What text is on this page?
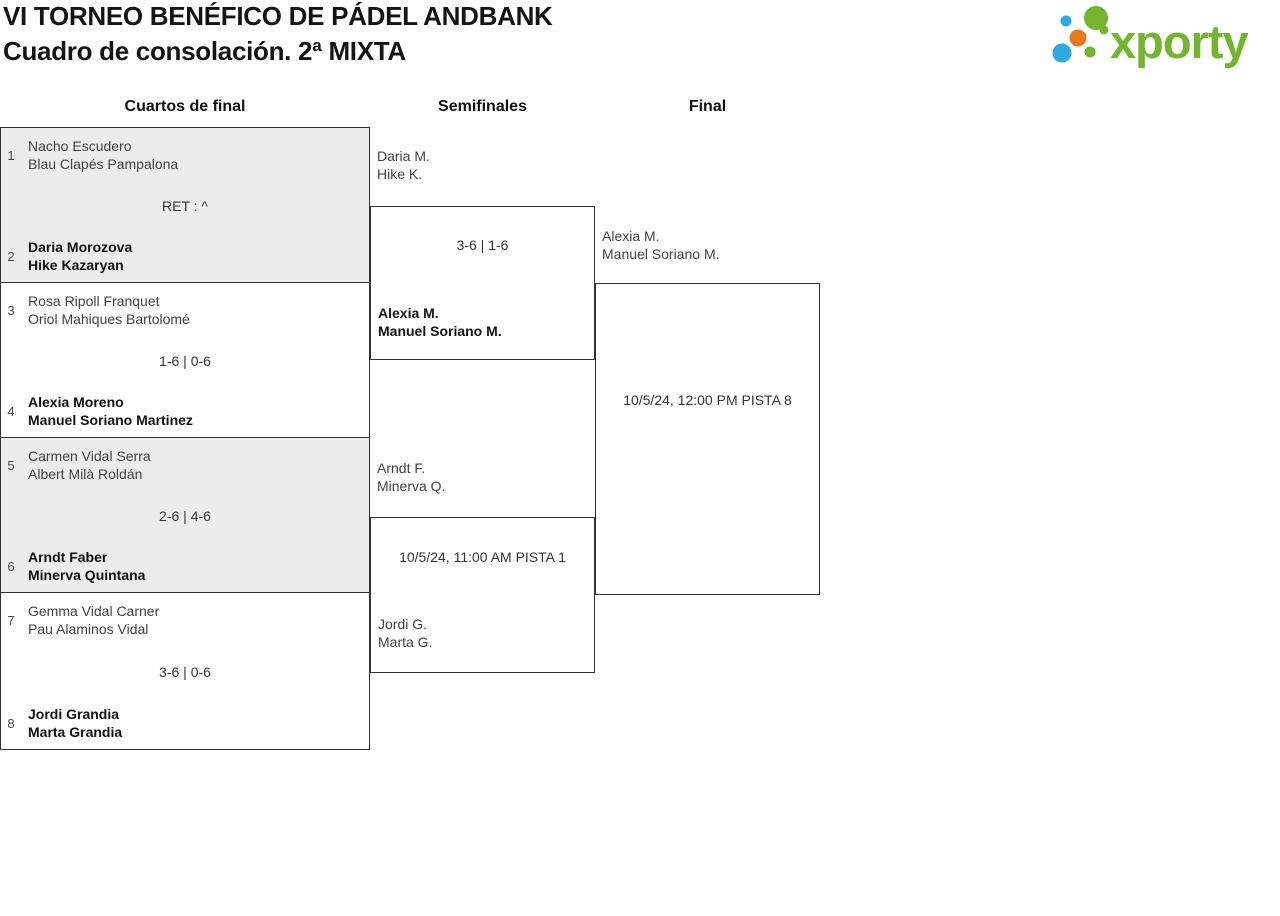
VI TORNEO BENÉFICO DE PÁDEL ANDBANK
Cuadro de consolación. 2ª MIXTA	xporty
Cuartos de final	Semifinales	Final
1
Nacho Escudero
Blau Clapés Pampalona
RET : ^
2
Daria Morozova
Hike Kazaryan
3
Rosa Ripoll Franquet
Oriol Mahiques Bartolomé
1-6 | 0-6
4
Alexia Moreno
Manuel Soriano Martinez
5
Carmen Vidal Serra
Albert Milà Roldán
2-6 | 4-6
6
Arndt Faber
Minerva Quintana
7
Gemma Vidal Carner
Pau Alaminos Vidal
3-6 | 0-6
8
Jordi Grandia
Marta Grandia
Daria M.
Hike K.
3-6 | 1-6
Alexia M.
Manuel Soriano M.
Arndt F.
Minerva Q.
10/5/24, 11:00 AM PISTA 1
Jordi G.
Marta G.
Alexia M.
Manuel Soriano M.
10/5/24, 12:00 PM PISTA 8
